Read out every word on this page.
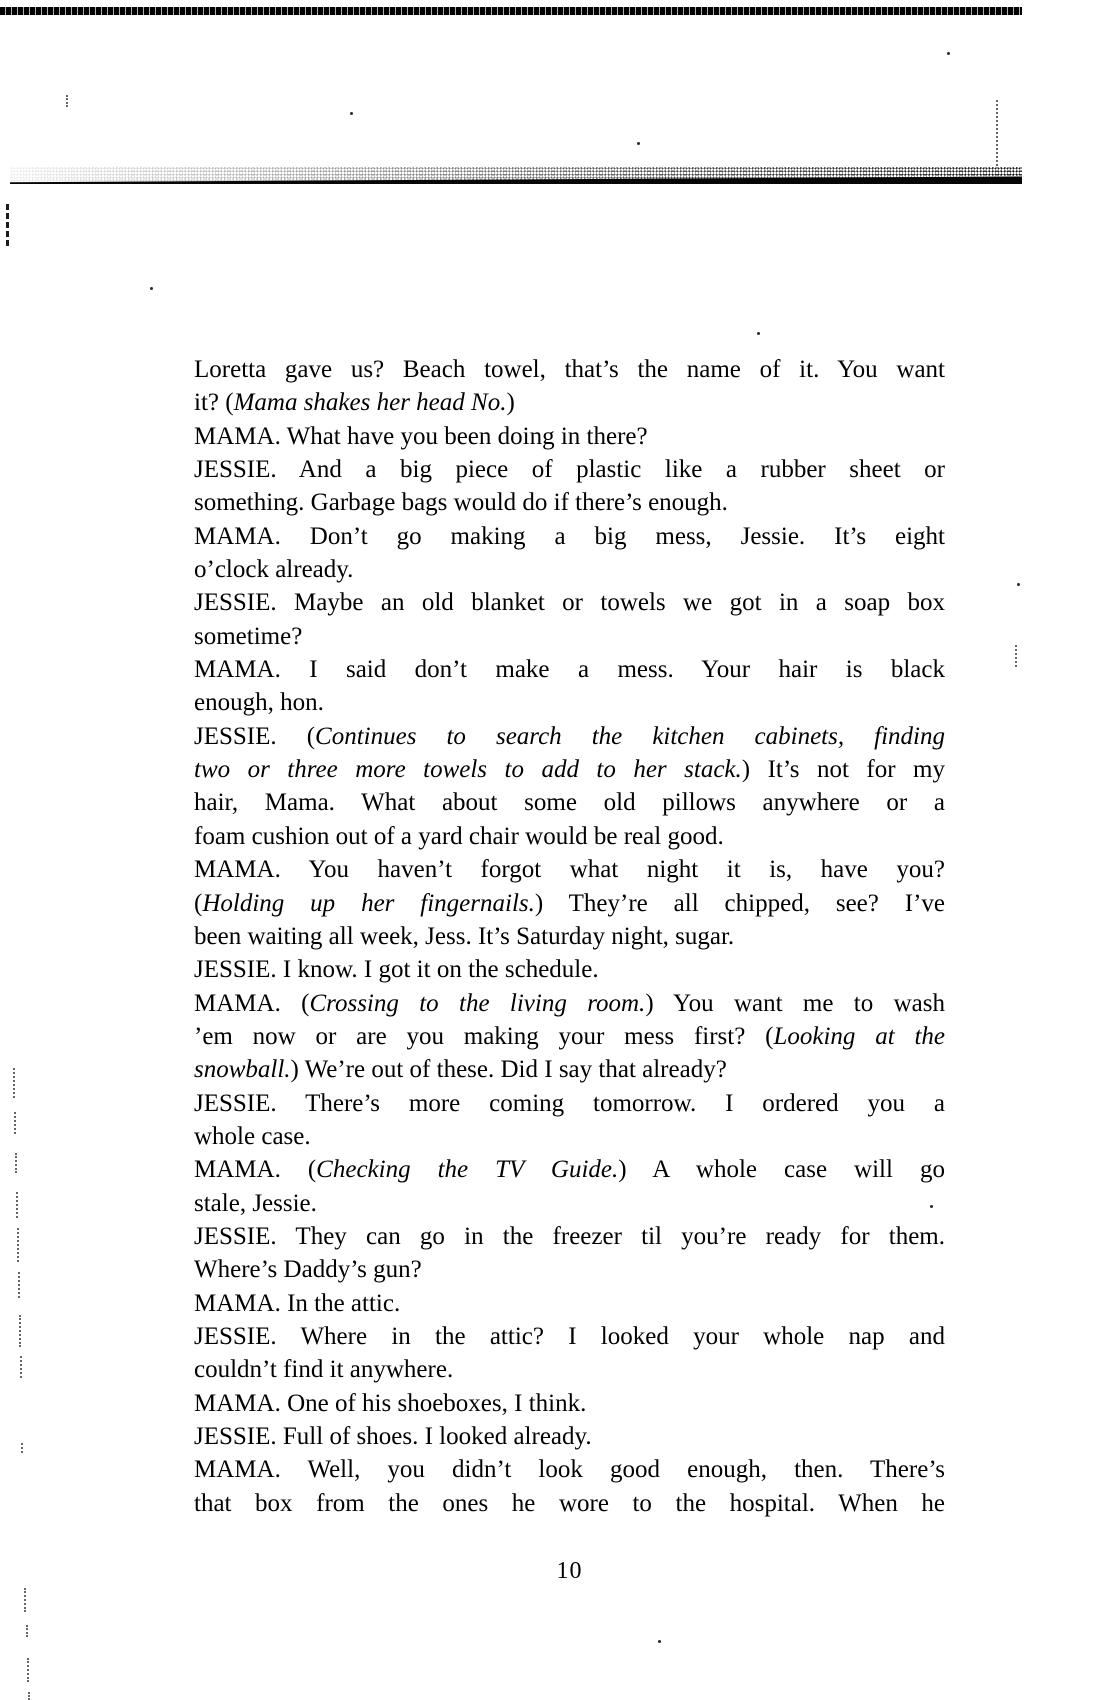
Loretta gave us? Beach towel, that’s the name of it. You want
it? (Mama shakes her head No.)
MAMA. What have you been doing in there?
JESSIE. And a big piece of plastic like a rubber sheet or
something. Garbage bags would do if there’s enough.
MAMA. Don’t go making a big mess, Jessie. It’s eight
o’clock already.
JESSIE. Maybe an old blanket or towels we got in a soap box
sometime?
MAMA. I said don’t make a mess. Your hair is black
enough, hon.
JESSIE. (Continues to search the kitchen cabinets, finding
two or three more towels to add to her stack.) It’s not for my
hair, Mama. What about some old pillows anywhere or a
foam cushion out of a yard chair would be real good.
MAMA. You haven’t forgot what night it is, have you?
(Holding up her fingernails.) They’re all chipped, see? I’ve
been waiting all week, Jess. It’s Saturday night, sugar.
JESSIE. I know. I got it on the schedule.
MAMA. (Crossing to the living room.) You want me to wash
’em now or are you making your mess first? (Looking at the
snowball.) We’re out of these. Did I say that already?
JESSIE. There’s more coming tomorrow. I ordered you a
whole case.
MAMA. (Checking the TV Guide.) A whole case will go
stale, Jessie.
JESSIE. They can go in the freezer til you’re ready for them.
Where’s Daddy’s gun?
MAMA. In the attic.
JESSIE. Where in the attic? I looked your whole nap and
couldn’t find it anywhere.
MAMA. One of his shoeboxes, I think.
JESSIE. Full of shoes. I looked already.
MAMA. Well, you didn’t look good enough, then. There’s
that box from the ones he wore to the hospital. When he
10
